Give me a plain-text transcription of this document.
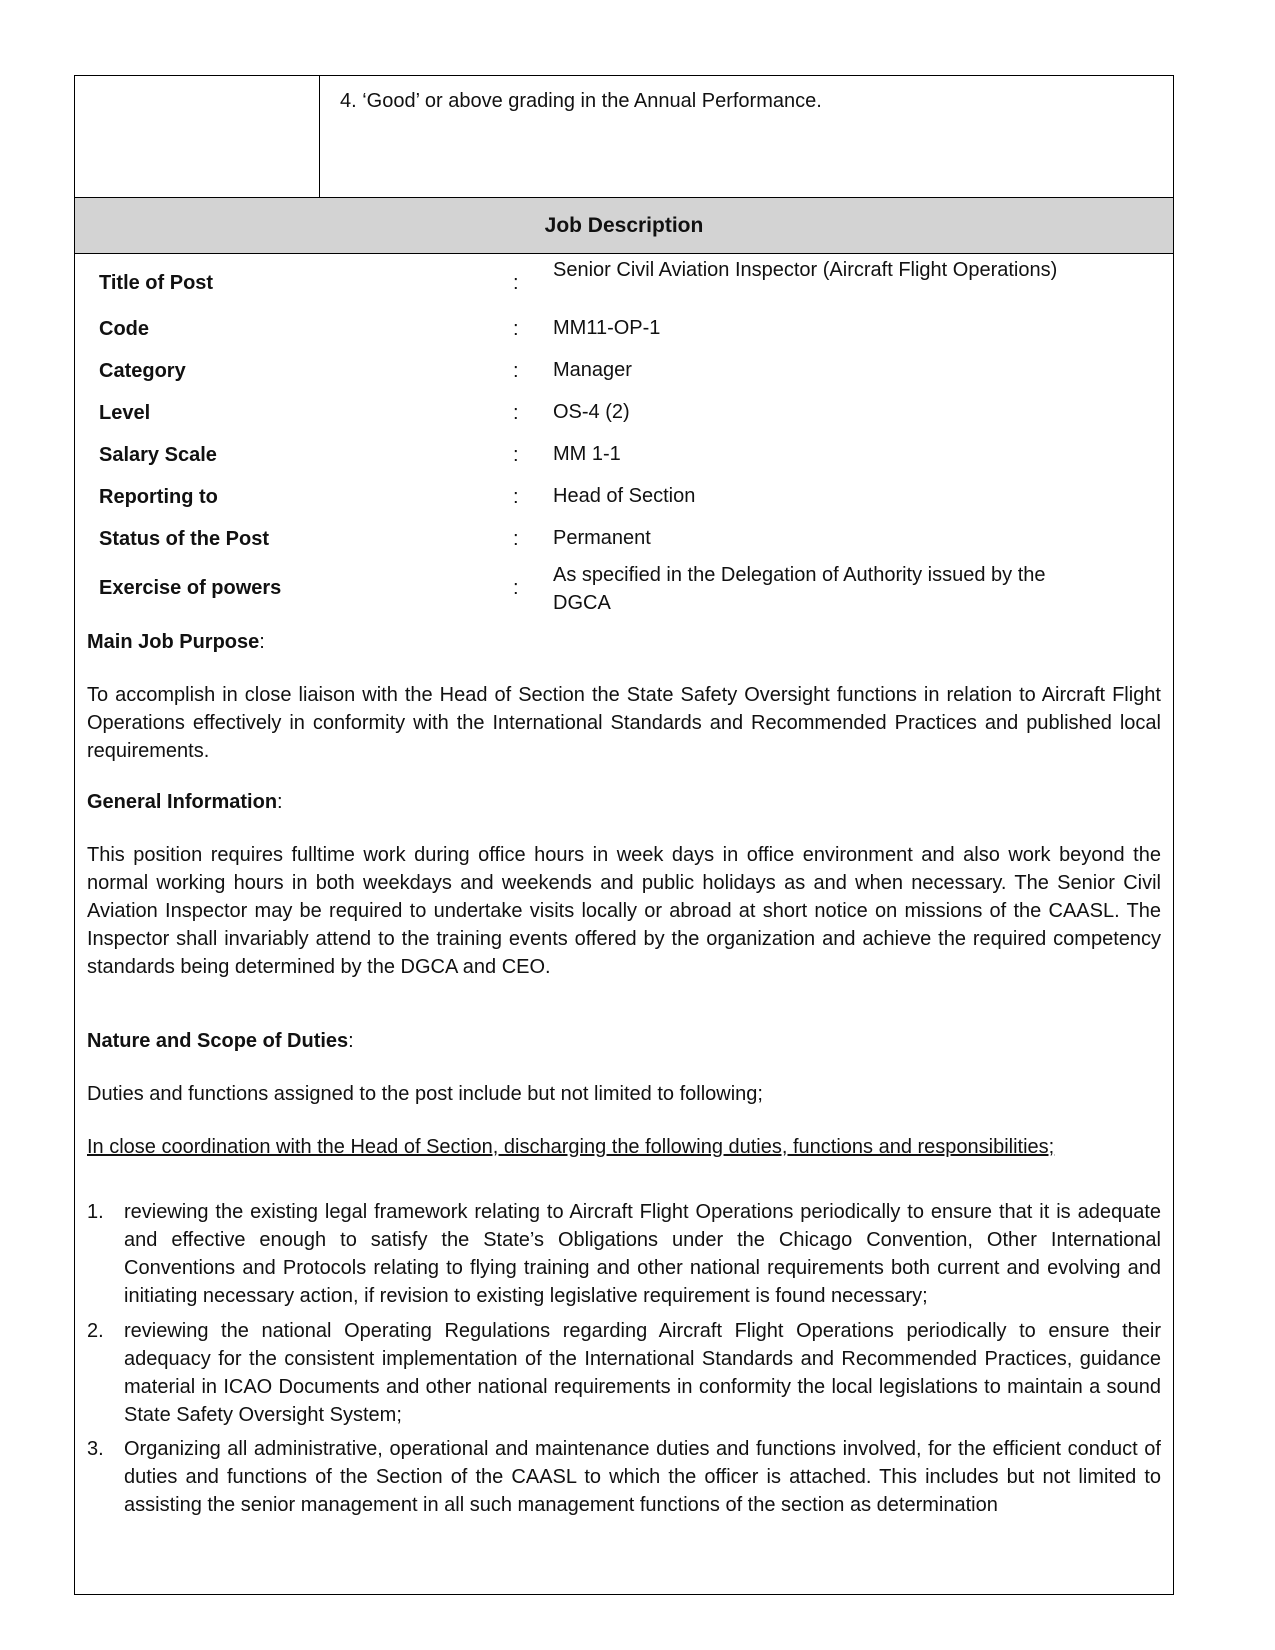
4. ‘Good’ or above grading in the Annual Performance.
Job Description
Title of Post	:
Senior Civil Aviation Inspector (Aircraft Flight Operations)
Code	: MM11-OP-1
Category	: Manager
Level	: OS-4 (2)
Salary Scale	: MM 1-1
Reporting to	: Head of Section
Status of the Post	: Permanent
Exercise of powers	:
As specified in the Delegation of Authority issued by the DGCA
Main Job Purpose:
To accomplish in close liaison with the Head of Section the State Safety Oversight functions in relation to Aircraft Flight Operations effectively in conformity with the International Standards and Recommended Practices and published local requirements.
General Information:
This position requires fulltime work during office hours in week days in office environment and also work beyond the normal working hours in both weekdays and weekends and public holidays as and when necessary. The Senior Civil Aviation Inspector may be required to undertake visits locally or abroad at short notice on missions of the CAASL. The Inspector shall invariably attend to the training events offered by the organization and achieve the required competency standards being determined by the DGCA and CEO.
Nature and Scope of Duties:
Duties and functions assigned to the post include but not limited to following;
In close coordination with the Head of Section, discharging the following duties, functions and responsibilities;
1.	reviewing the existing legal framework relating to Aircraft Flight Operations periodically to ensure that it is adequate and effective enough to satisfy the State’s Obligations under the Chicago Convention, Other International Conventions and Protocols relating to flying training and other national requirements both current and evolving and initiating necessary action, if revision to existing legislative requirement is found necessary;
2.	reviewing the national Operating Regulations regarding Aircraft Flight Operations periodically to ensure their adequacy for the consistent implementation of the International Standards and Recommended Practices, guidance material in ICAO Documents and other national requirements in conformity the local legislations to maintain a sound State Safety Oversight System;
3.	Organizing all administrative, operational and maintenance duties and functions involved, for the efficient conduct of duties and functions of the Section of the CAASL to which the officer is attached. This includes but not limited to assisting the senior management in all such management functions of the section as determination
